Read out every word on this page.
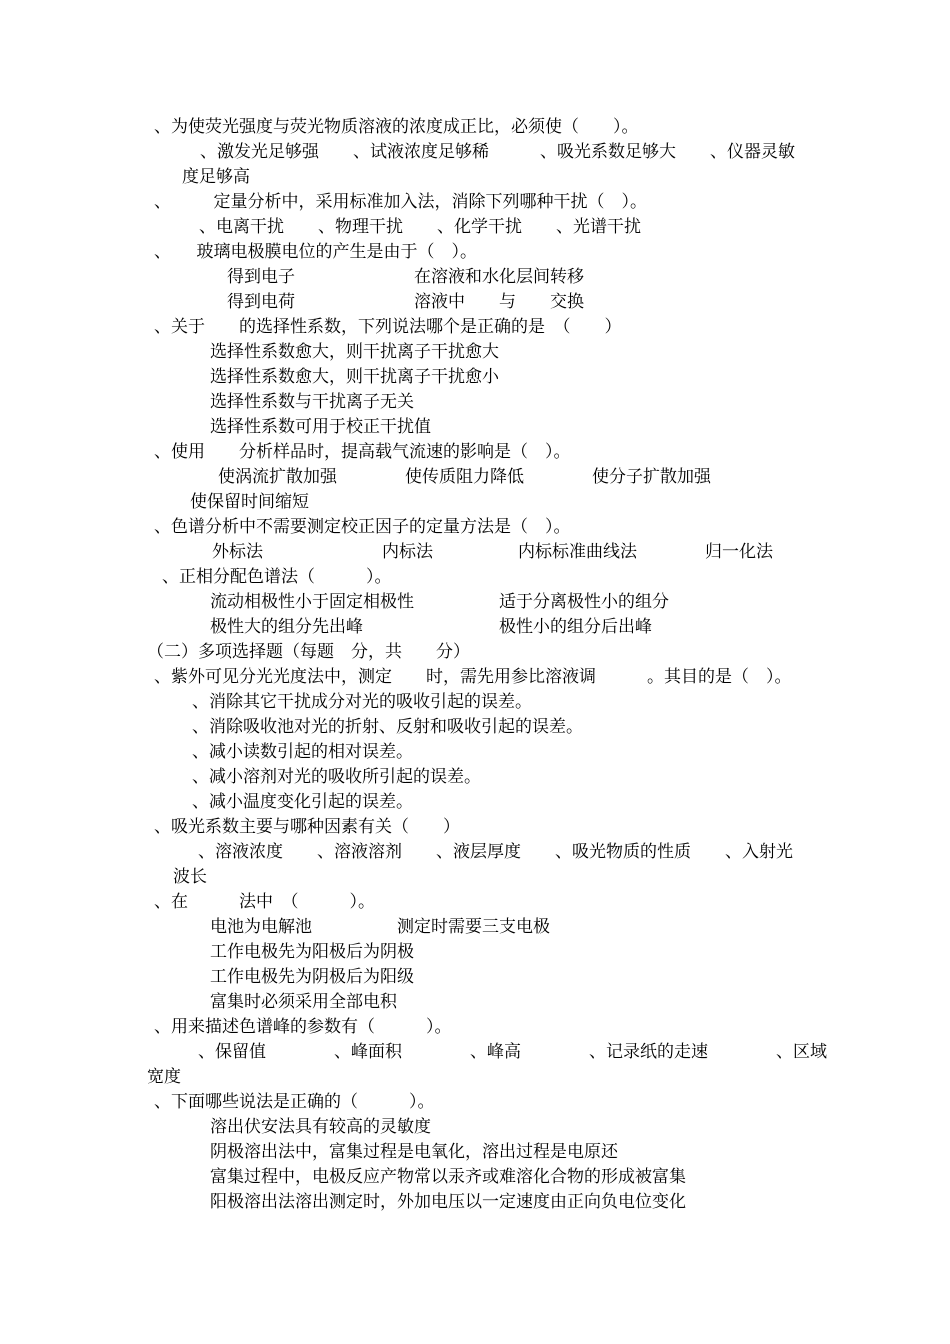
、为使荧光强度与荧光物质溶液的浓度成正比，必须使（　　）。
、激发光足够强　　、试液浓度足够稀　　　、吸光系数足够大　　、仪器灵敏
度足够高
、　　　定量分析中，采用标准加入法，消除下列哪种干扰（　）。
、电离干扰　　、物理干扰　　、化学干扰　　、光谱干扰
、　　玻璃电极膜电位的产生是由于（　）。
得到电子　　　　　　　在溶液和水化层间转移
得到电荷　　　　　　　溶液中　　与　　交换
、关于　　的选择性系数，下列说法哪个是正确的是　（　　）
选择性系数愈大，则干扰离子干扰愈大
选择性系数愈大，则干扰离子干扰愈小
选择性系数与干扰离子无关
选择性系数可用于校正干扰值
、使用　　分析样品时，提高载气流速的影响是（　）。
使涡流扩散加强　　　　使传质阻力降低　　　　使分子扩散加强
使保留时间缩短
、色谱分析中不需要测定校正因子的定量方法是（　）。
外标法　　　　　　　内标法　　　　　内标标准曲线法　　　　归一化法
、正相分配色谱法（　　　）。
流动相极性小于固定相极性　　　　　适于分离极性小的组分
极性大的组分先出峰　　　　　　　　极性小的组分后出峰
（二）多项选择题（每题　分，共　　分）
、紫外可见分光光度法中，测定　　时，需先用参比溶液调　　　。其目的是（　）。
、消除其它干扰成分对光的吸收引起的误差。
、消除吸收池对光的折射、反射和吸收引起的误差。
、减小读数引起的相对误差。
、减小溶剂对光的吸收所引起的误差。
、减小温度变化引起的误差。
、吸光系数主要与哪种因素有关（　　）
、溶液浓度　　、溶液溶剂　　、液层厚度　　、吸光物质的性质　　、入射光
波长
、在　　　法中　（　　　）。
电池为电解池　　　　　测定时需要三支电极
工作电极先为阳极后为阴极
工作电极先为阴极后为阳级
富集时必须采用全部电积
、用来描述色谱峰的参数有（　　　）。
、保留值　　　　、峰面积　　　　、峰高　　　　、记录纸的走速　　　　、区域
宽度
、下面哪些说法是正确的（　　　）。
溶出伏安法具有较高的灵敏度
阴极溶出法中，富集过程是电氧化，溶出过程是电原还
富集过程中，电极反应产物常以汞齐或难溶化合物的形成被富集
阳极溶出法溶出测定时，外加电压以一定速度由正向负电位变化
